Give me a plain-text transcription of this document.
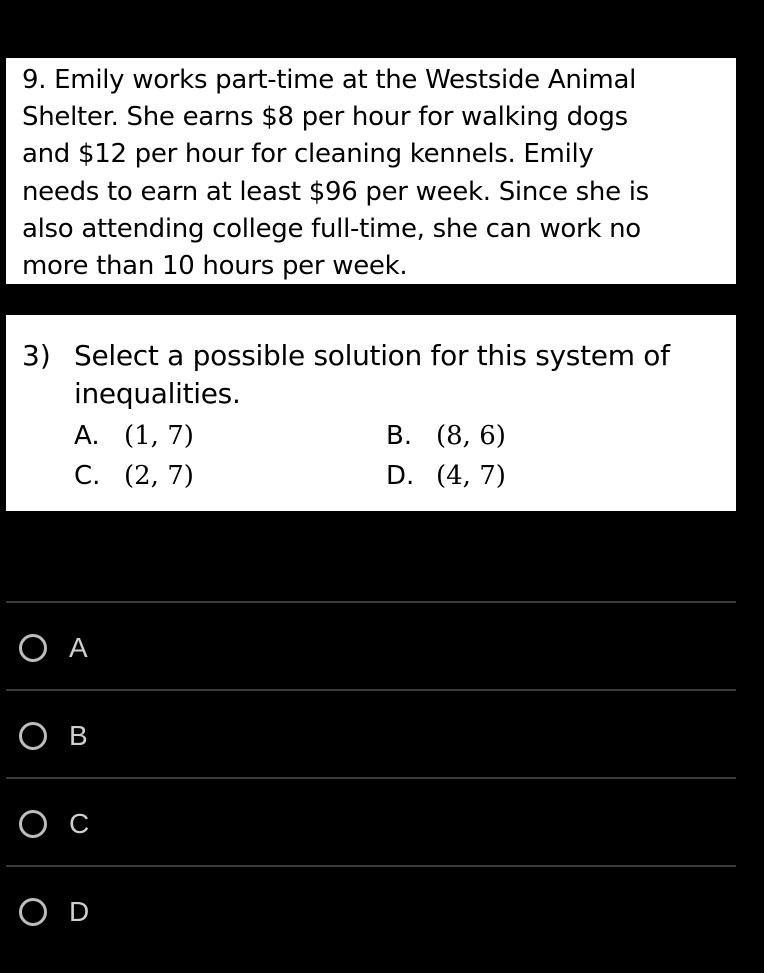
9. Emily works part-time at the Westside Animal
Shelter. She earns $8 per hour for walking dogs
and $12 per hour for cleaning kennels. Emily
needs to earn at least $96 per week. Since she is
also attending college full-time, she can work no
more than 10 hours per week.
3) Select a possible solution for this system of
inequalities.
A. (1, 7)	B. (8, 6)
C. (2, 7)	D. (4, 7)
A
B
C
D
